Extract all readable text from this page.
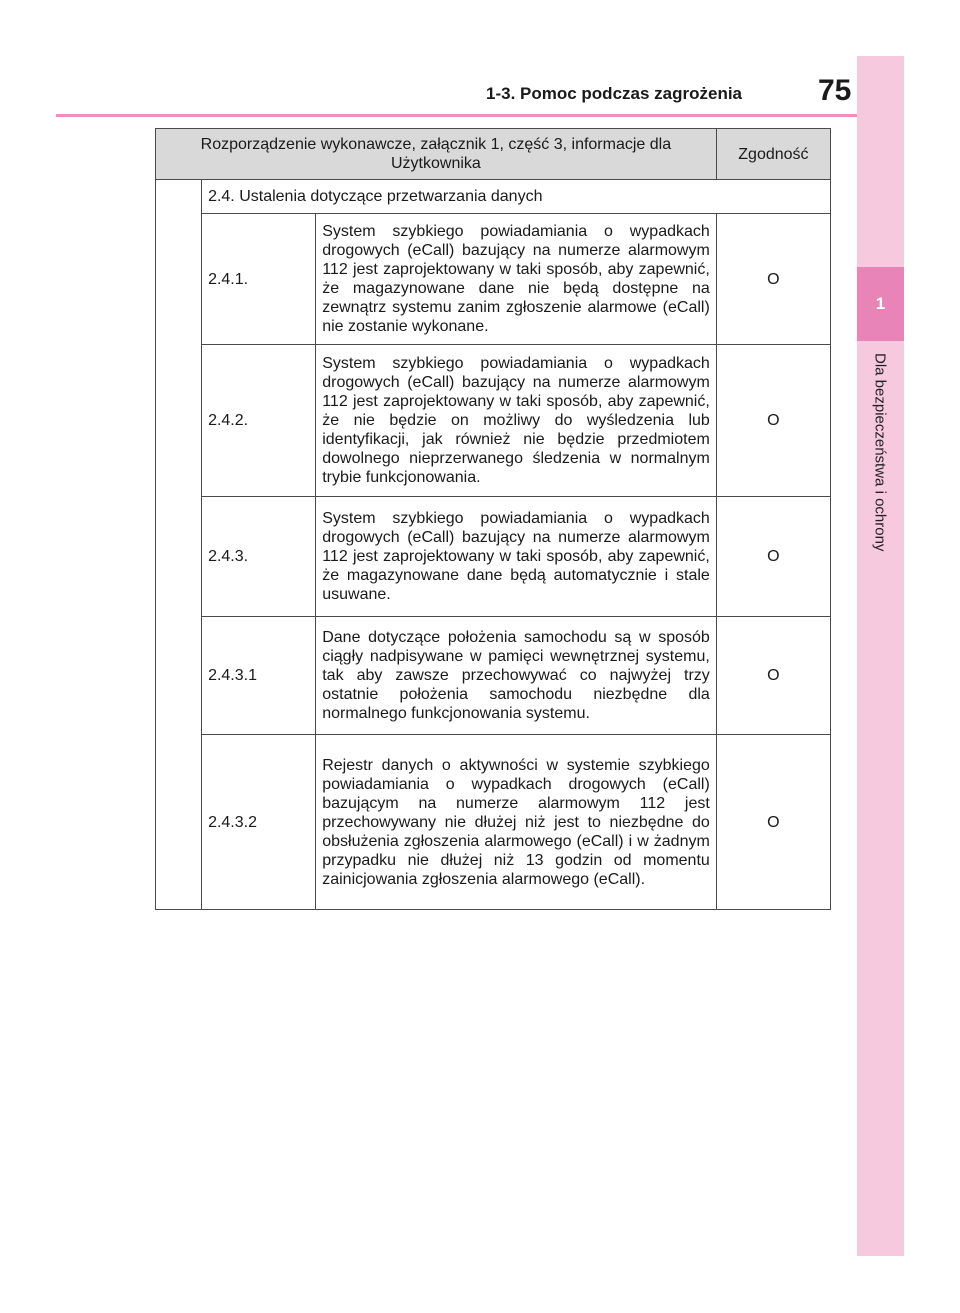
1
Dla bezpieczeństwa i ochrony
1-3. Pomoc podczas zagrożenia	75
Rozporządzenie wykonawcze, załącznik 1, część 3, informacje dla Użytkownika			Zgodność
	2.4. Ustalenia dotyczące przetwarzania danych		
	2.4.1.	System szybkiego powiadamiania o wypadkach drogowych (eCall) bazujący na numerze alarmowym 112 jest zaprojektowany w taki sposób, aby zapewnić, że magazynowane dane nie będą dostępne na zewnątrz systemu zanim zgłoszenie alarmowe (eCall) nie zostanie wykonane.	O
	2.4.2.	System szybkiego powiadamiania o wypadkach drogowych (eCall) bazujący na numerze alarmowym 112 jest zaprojektowany w taki sposób, aby zapewnić, że nie będzie on możliwy do wyśledzenia lub identyfikacji, jak również nie będzie przedmiotem dowolnego nieprzerwanego śledzenia w normalnym trybie funkcjonowania.	O
	2.4.3.	System szybkiego powiadamiania o wypadkach drogowych (eCall) bazujący na numerze alarmowym 112 jest zaprojektowany w taki sposób, aby zapewnić, że magazynowane dane będą automatycznie i stale usuwane.	O
	2.4.3.1	Dane dotyczące położenia samochodu są w sposób ciągły nadpisywane w pamięci wewnętrznej systemu, tak aby zawsze przechowywać co najwyżej trzy ostatnie położenia samochodu niezbędne dla normalnego funkcjonowania systemu.	O
	2.4.3.2	Rejestr danych o aktywności w systemie szybkiego powiadamiania o wypadkach drogowych (eCall) bazującym na numerze alarmowym 112 jest przechowywany nie dłużej niż jest to niezbędne do obsłużenia zgłoszenia alarmowego (eCall) i w żadnym przypadku nie dłużej niż 13 godzin od momentu zainicjowania zgłoszenia alarmowego (eCall).	O
